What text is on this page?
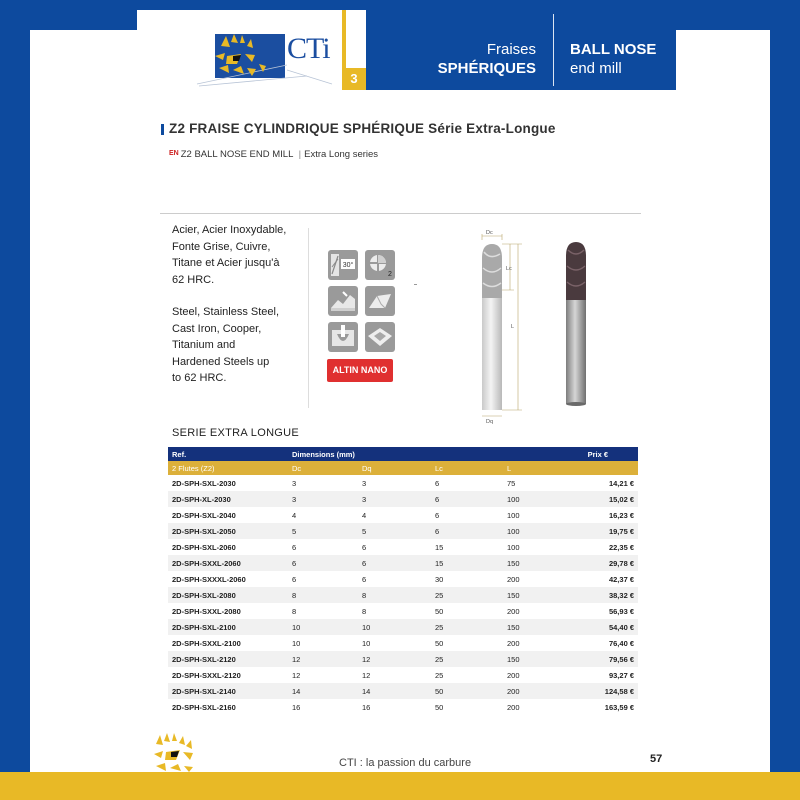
CTi
3
Fraises
SPHÉRIQUES
BALL NOSE
end mill
Z2 FRAISE CYLINDRIQUE SPHÉRIQUE Série Extra-Longue
$^{EN}$ Z2 BALL NOSE END MILL | Extra Long series

Acier, Acier Inoxydable,
Fonte Grise, Cuivre,
Titane et Acier jusqu'à
62 HRC.

Steel, Stainless Steel,
Cast Iron, Cooper,
Titanium and
Hardened Steels up
to 62 HRC.

30°
2
ALTIN NANO
Dc
Lc
L
Dq
SERIE EXTRA LONGUE
Ref.	Dimensions (mm)				Prix €
2 Flutes (Z2)	Dc	Dq	Lc	L	
2D-SPH-SXL-2030	3	3	6	75	14,21 €
2D-SPH-XL-2030	3	3	6	100	15,02 €
2D-SPH-SXL-2040	4	4	6	100	16,23 €
2D-SPH-SXL-2050	5	5	6	100	19,75 €
2D-SPH-SXL-2060	6	6	15	100	22,35 €
2D-SPH-SXXL-2060	6	6	15	150	29,78 €
2D-SPH-SXXXL-2060	6	6	30	200	42,37 €
2D-SPH-SXL-2080	8	8	25	150	38,32 €
2D-SPH-SXXL-2080	8	8	50	200	56,93 €
2D-SPH-SXL-2100	10	10	25	150	54,40 €
2D-SPH-SXXL-2100	10	10	50	200	76,40 €
2D-SPH-SXL-2120	12	12	25	150	79,56 €
2D-SPH-SXXL-2120	12	12	25	200	93,27 €
2D-SPH-SXL-2140	14	14	50	200	124,58 €
2D-SPH-SXL-2160	16	16	50	200	163,59 €
CTI : la passion du carbure	57
